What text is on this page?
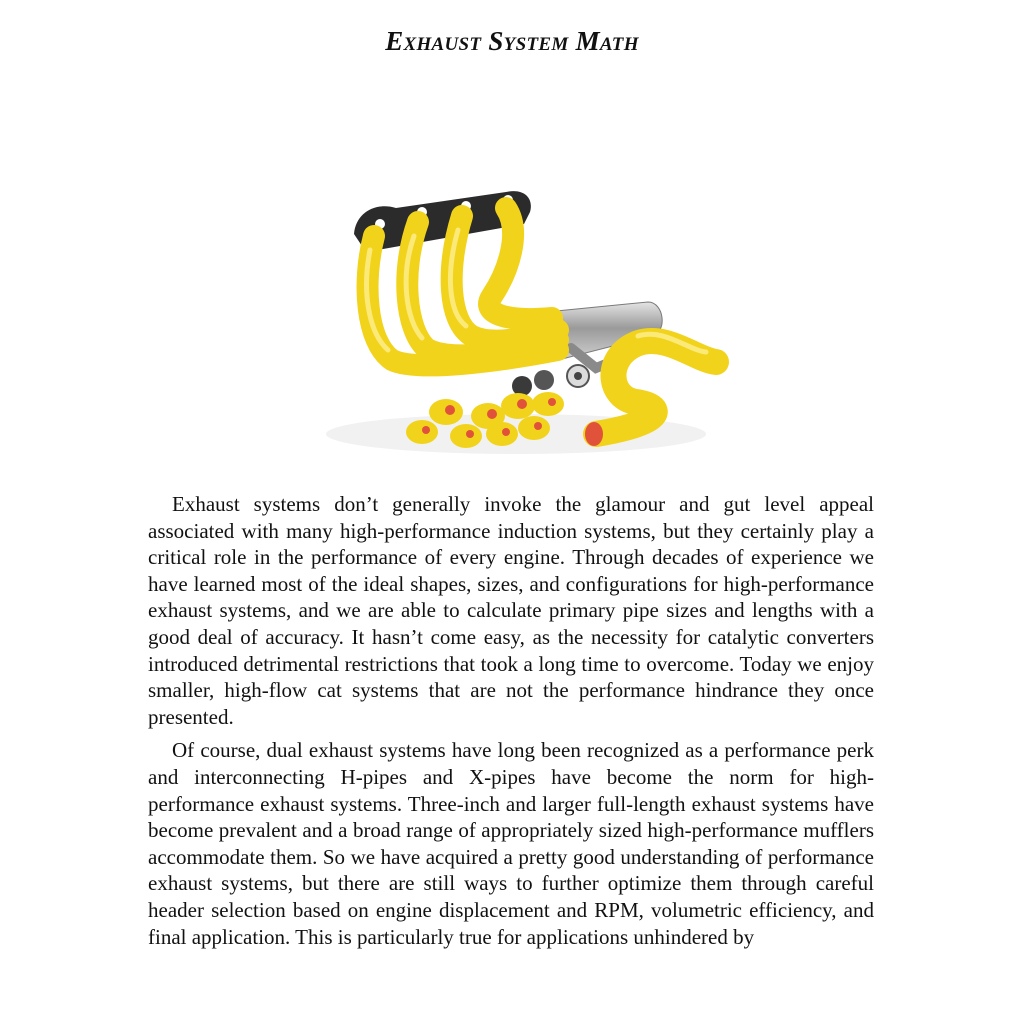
Exhaust System Math

Exhaust systems don’t generally invoke the glamour and gut level appeal associated with many high-performance induction systems, but they certainly play a critical role in the performance of every engine. Through decades of experience we have learned most of the ideal shapes, sizes, and configurations for high-performance exhaust systems, and we are able to calculate primary pipe sizes and lengths with a good deal of accuracy. It hasn’t come easy, as the necessity for catalytic converters introduced detrimental restrictions that took a long time to overcome. Today we enjoy smaller, high-flow cat systems that are not the performance hindrance they once presented.

Of course, dual exhaust systems have long been recognized as a performance perk and interconnecting H-pipes and X-pipes have become the norm for high- performance exhaust systems. Three-inch and larger full-length exhaust systems have become prevalent and a broad range of appropriately sized high-performance mufflers accommodate them. So we have acquired a pretty good understanding of performance exhaust systems, but there are still ways to further optimize them through careful header selection based on engine displacement and RPM, volumetric efficiency, and final application. This is particularly true for applications unhindered by
